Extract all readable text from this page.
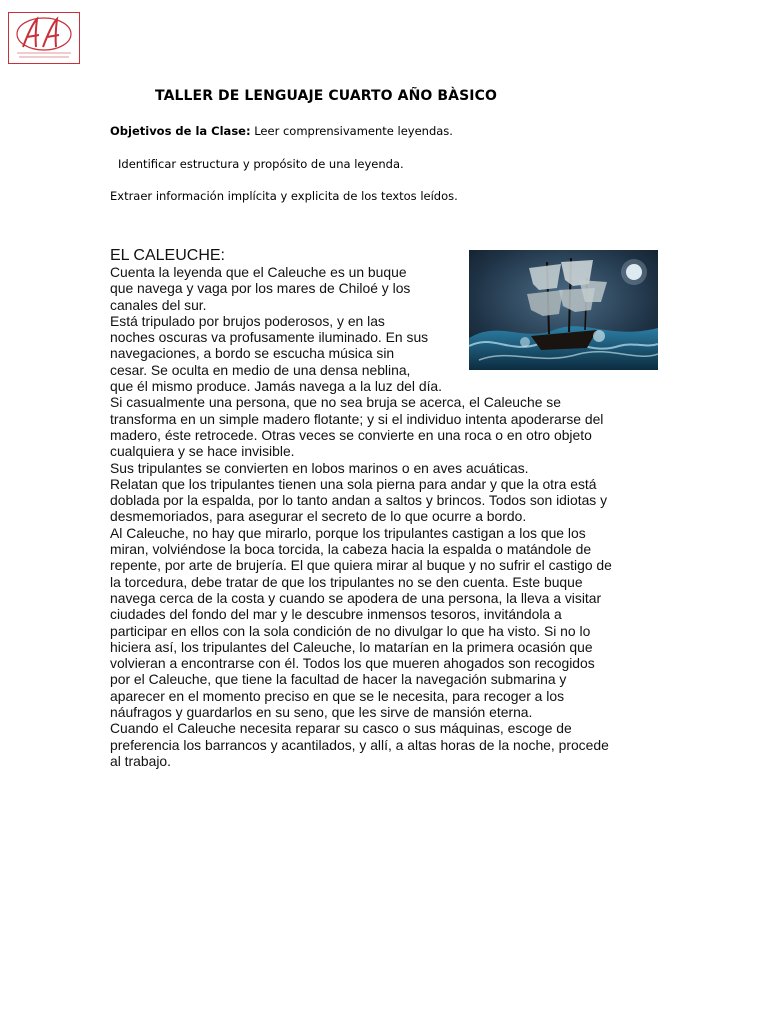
TALLER DE LENGUAJE CUARTO AÑO BÀSICO
Objetivos de la Clase: Leer comprensivamente leyendas.
Identificar estructura y propósito de una leyenda.
Extraer información implícita y explicita de los textos leídos.
EL CALEUCHE:
Cuenta la leyenda que el Caleuche es un buque
que navega y vaga por los mares de Chiloé y los
canales del sur.
Está tripulado por brujos poderosos, y en las
noches oscuras va profusamente iluminado. En sus
navegaciones, a bordo se escucha música sin
cesar. Se oculta en medio de una densa neblina,
que él mismo produce. Jamás navega a la luz del día.
Si casualmente una persona, que no sea bruja se acerca, el Caleuche se
transforma en un simple madero flotante; y si el individuo intenta apoderarse del
madero, éste retrocede. Otras veces se convierte en una roca o en otro objeto
cualquiera y se hace invisible.
Sus tripulantes se convierten en lobos marinos o en aves acuáticas.
Relatan que los tripulantes tienen una sola pierna para andar y que la otra está
doblada por la espalda, por lo tanto andan a saltos y brincos. Todos son idiotas y
desmemoriados, para asegurar el secreto de lo que ocurre a bordo.
Al Caleuche, no hay que mirarlo, porque los tripulantes castigan a los que los
miran, volviéndose la boca torcida, la cabeza hacia la espalda o matándole de
repente, por arte de brujería. El que quiera mirar al buque y no sufrir el castigo de
la torcedura, debe tratar de que los tripulantes no se den cuenta. Este buque
navega cerca de la costa y cuando se apodera de una persona, la lleva a visitar
ciudades del fondo del mar y le descubre inmensos tesoros, invitándola a
participar en ellos con la sola condición de no divulgar lo que ha visto. Si no lo
hiciera así, los tripulantes del Caleuche, lo matarían en la primera ocasión que
volvieran a encontrarse con él. Todos los que mueren ahogados son recogidos
por el Caleuche, que tiene la facultad de hacer la navegación submarina y
aparecer en el momento preciso en que se le necesita, para recoger a los
náufragos y guardarlos en su seno, que les sirve de mansión eterna.
Cuando el Caleuche necesita reparar su casco o sus máquinas, escoge de
preferencia los barrancos y acantilados, y allí, a altas horas de la noche, procede
al trabajo.
